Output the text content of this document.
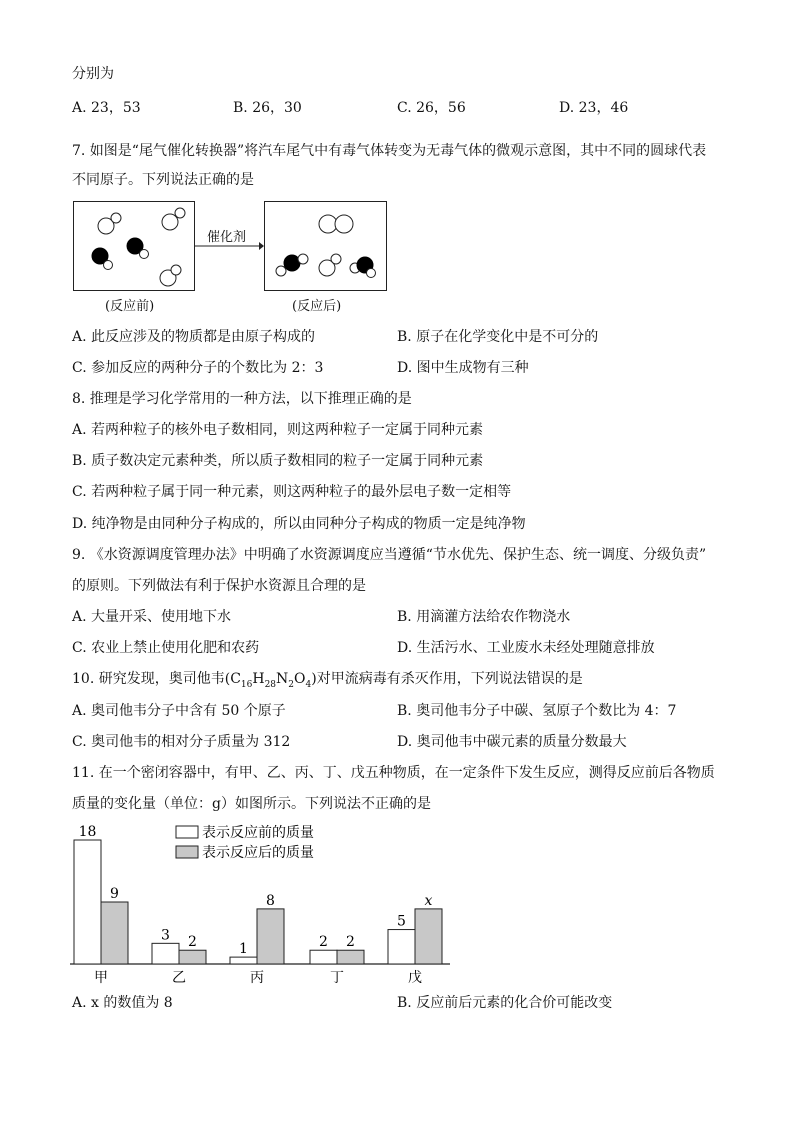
分别为
A. 23，53	B. 26，30	C. 26，56	D. 23，46
7. 如图是“尾气催化转换器”将汽车尾气中有毒气体转变为无毒气体的微观示意图，其中不同的圆球代表
不同原子。下列说法正确的是
催化剂
(反应前)	(反应后)
A. 此反应涉及的物质都是由原子构成的	B. 原子在化学变化中是不可分的
C. 参加反应的两种分子的个数比为 2：3	D. 图中生成物有三种
8. 推理是学习化学常用的一种方法，以下推理正确的是
A. 若两种粒子的核外电子数相同，则这两种粒子一定属于同种元素
B. 质子数决定元素种类，所以质子数相同的粒子一定属于同种元素
C. 若两种粒子属于同一种元素，则这两种粒子的最外层电子数一定相等
D. 纯净物是由同种分子构成的，所以由同种分子构成的物质一定是纯净物
9. 《水资源调度管理办法》中明确了水资源调度应当遵循“节水优先、保护生态、统一调度、分级负责”
的原则。下列做法有利于保护水资源且合理的是
A. 大量开采、使用地下水	B. 用滴灌方法给农作物浇水
C. 农业上禁止使用化肥和农药	D. 生活污水、工业废水未经处理随意排放
10. 研究发现，奥司他韦$(C_{16}H_{28}N_2O_4)$对甲流病毒有杀灭作用，下列说法错误的是
A. 奥司他韦分子中含有 50 个原子	B. 奥司他韦分子中碳、氢原子个数比为 4：7
C. 奥司他韦的相对分子质量为 312	D. 奥司他韦中碳元素的质量分数最大
11. 在一个密闭容器中，有甲、乙、丙、丁、戊五种物质，在一定条件下发生反应，测得反应前后各物质
质量的变化量（单位：g）如图所示。下列说法不正确的是
18
9
甲
3 2
乙
1
8
丙
2 2
丁
5
x
戊
表示反应前的质量
表示反应后的质量
A. x 的数值为 8	B. 反应前后元素的化合价可能改变
